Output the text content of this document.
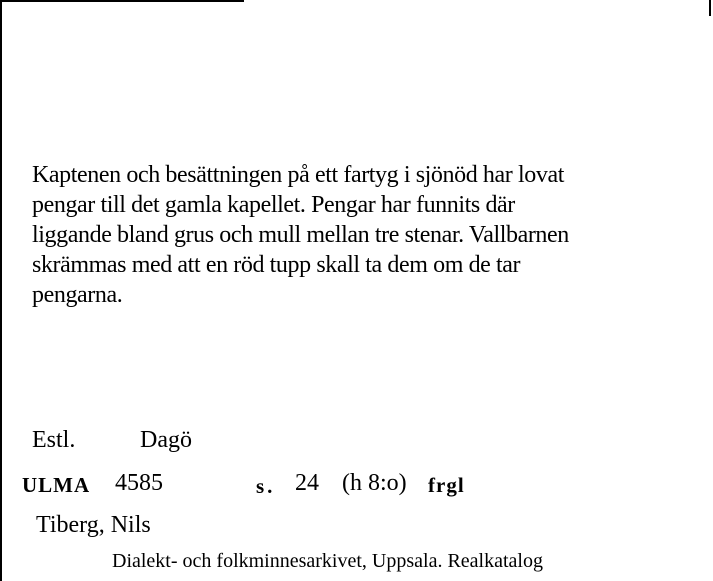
Kaptenen och besättningen på ett fartyg i sjönöd har lovat
pengar till det gamla kapellet. Pengar har funnits där
liggande bland grus och mull mellan tre stenar. Vallbarnen
skrämmas med att en röd tupp skall ta dem om de tar
pengarna.

Estl.	Dagö
ULMA 4585	s. 24 (h 8:o) frgl
Tiberg, Nils
Dialekt- och folkminnesarkivet, Uppsala. Realkatalog
